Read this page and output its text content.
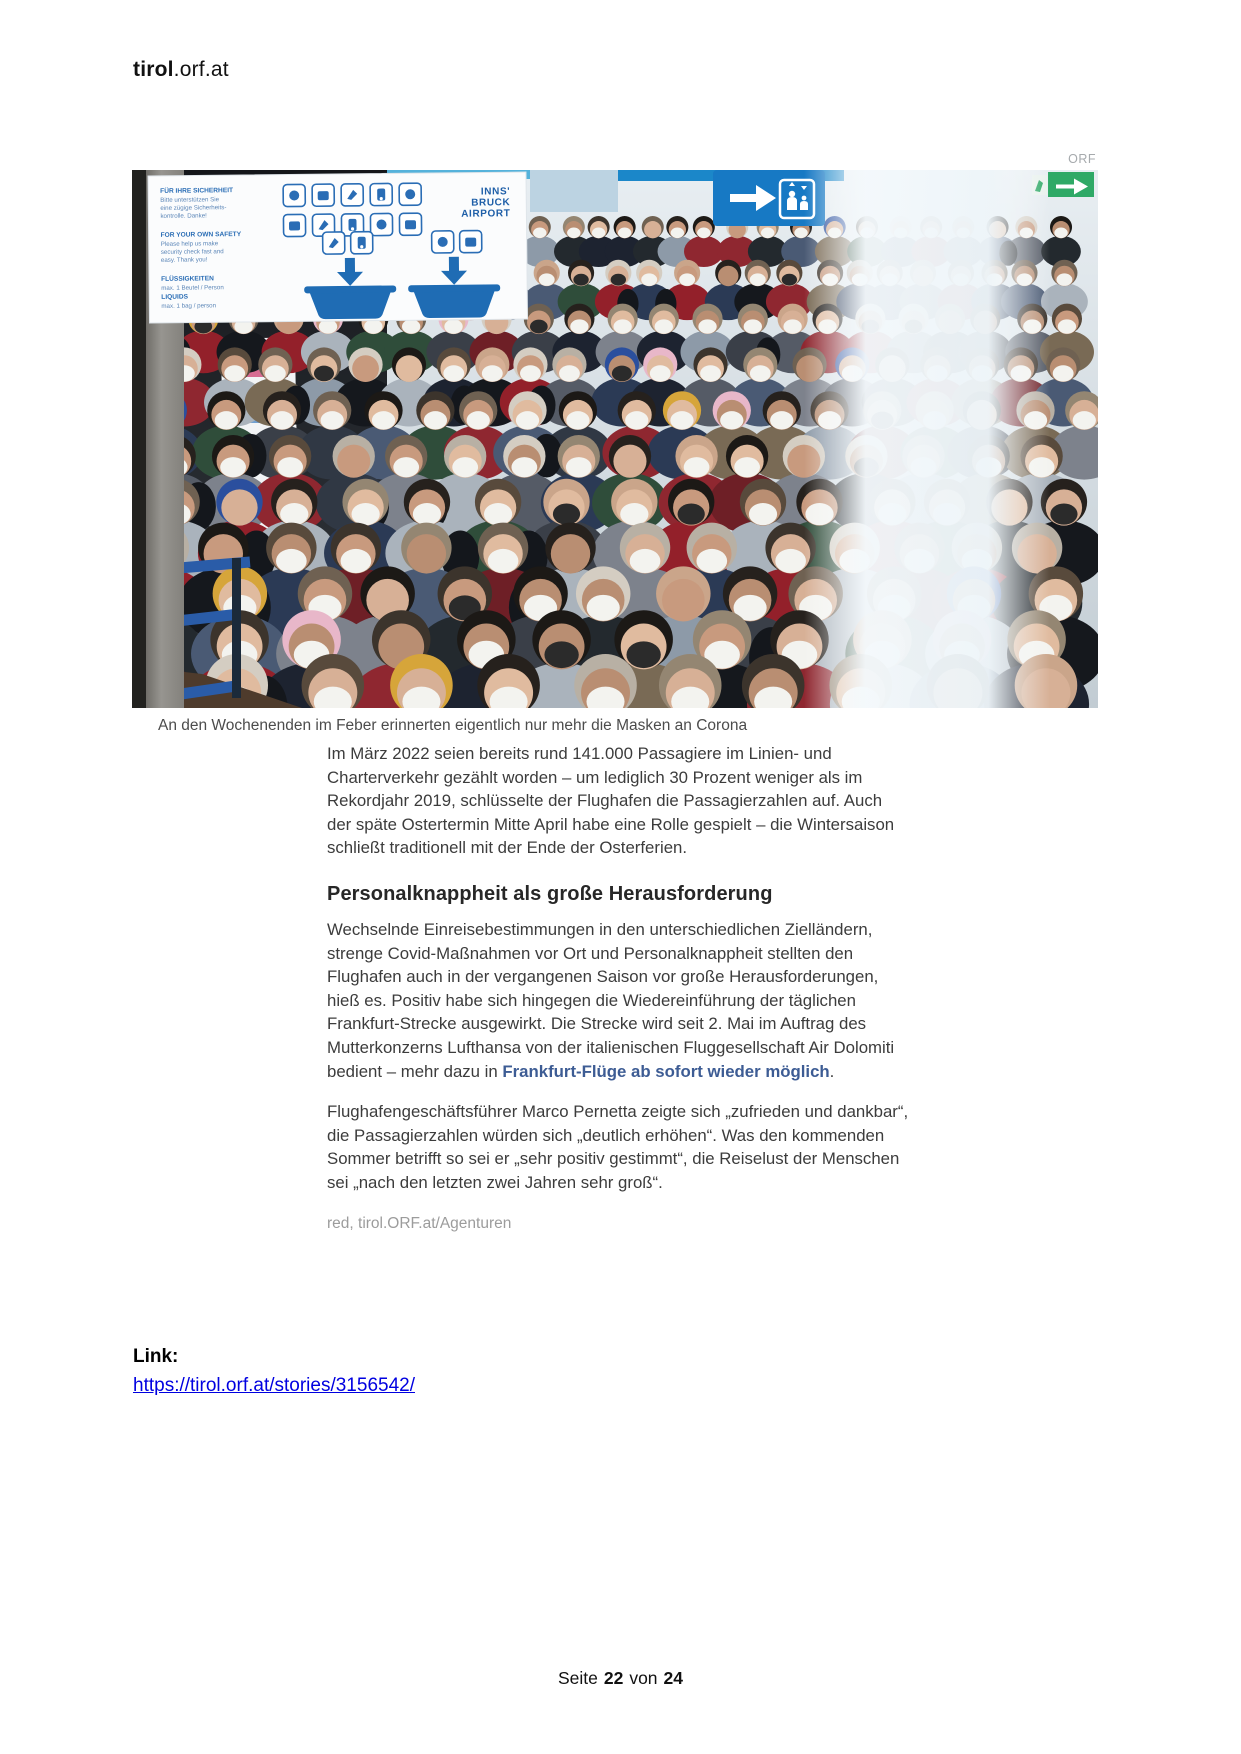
tirol.orf.at
ORF
FÜR IHRE SICHERHEIT
Bitte unterstützen Sie
eine zügige Sicherheits-
kontrolle. Danke!
FOR YOUR OWN SAFETY
Please help us make
security check fast and
easy. Thank you!
FLÜSSIGKEITEN
max. 1 Beutel / Person
LIQUIDS
max. 1 bag / person
INNS'
BRUCK
AIRPORT
An den Wochenenden im Feber erinnerten eigentlich nur mehr die Masken an Corona

Im März 2022 seien bereits rund 141.000 Passagiere im Linien- und Charterverkehr gezählt worden – um lediglich 30 Prozent weniger als im Rekordjahr 2019, schlüsselte der Flughafen die Passagierzahlen auf. Auch der späte Ostertermin Mitte April habe eine Rolle gespielt – die Wintersaison schließt traditionell mit der Ende der Osterferien.

Personalknappheit als große Herausforderung

Wechselnde Einreisebestimmungen in den unterschiedlichen Zielländern, strenge Covid-Maßnahmen vor Ort und Personalknappheit stellten den Flughafen auch in der vergangenen Saison vor große Herausforderungen, hieß es. Positiv habe sich hingegen die Wiedereinführung der täglichen Frankfurt-Strecke ausgewirkt. Die Strecke wird seit 2. Mai im Auftrag des Mutterkonzerns Lufthansa von der italienischen Fluggesellschaft Air Dolomiti bedient – mehr dazu in Frankfurt-Flüge ab sofort wieder möglich.

Flughafengeschäftsführer Marco Pernetta zeigte sich „zufrieden und dankbar“, die Passagierzahlen würden sich „deutlich erhöhen“. Was den kommenden Sommer betrifft so sei er „sehr positiv gestimmt“, die Reiselust der Menschen sei „nach den letzten zwei Jahren sehr groß“.

red, tirol.ORF.at/Agenturen

Link:
https://tirol.orf.at/stories/3156542/
Seite 22 von 24
